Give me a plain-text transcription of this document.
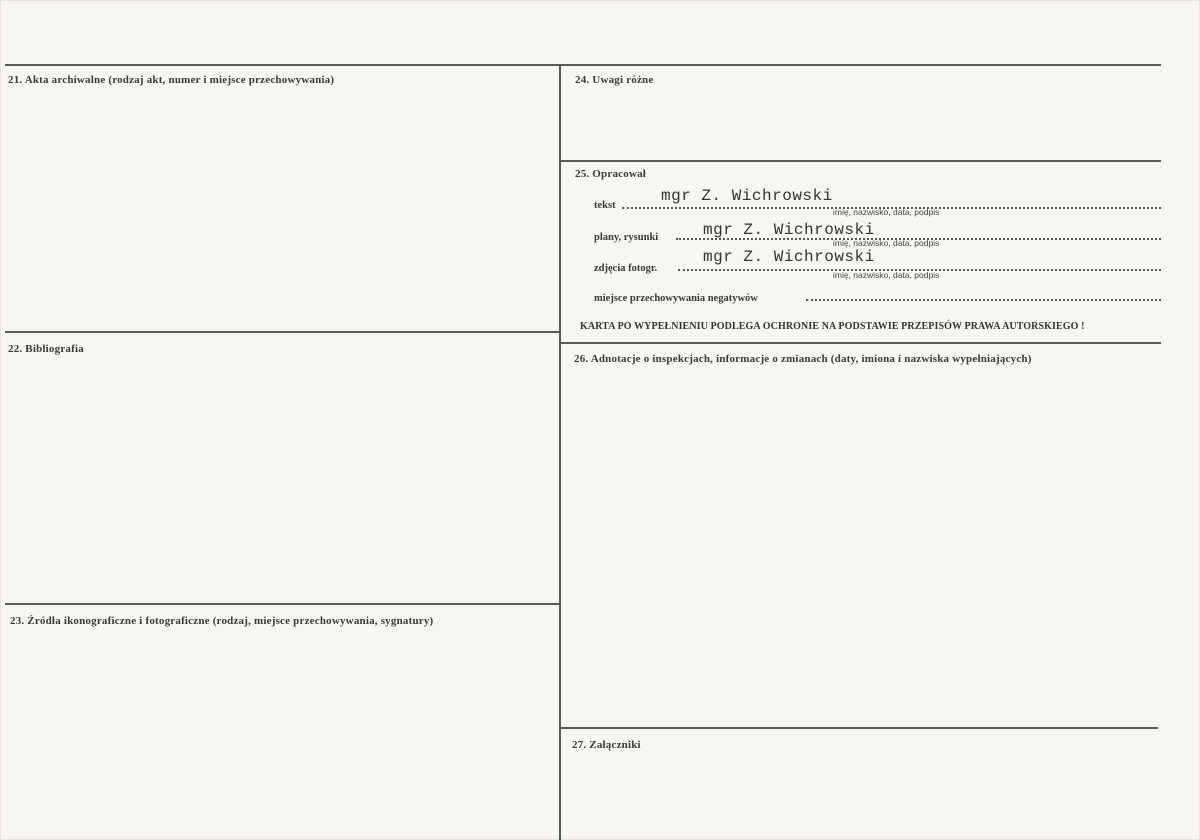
21. Akta archiwalne (rodzaj akt, numer i miejsce przechowywania)
22. Bibliografia
23. Źródła ikonograficzne i fotograficzne (rodzaj, miejsce przechowywania, sygnatury)
24. Uwagi różne
25. Opracował
26. Adnotacje o inspekcjach, informacje o zmianach (daty, imiona i nazwiska wypełniających)
27. Załączniki
tekst
mgr Z. Wichrowski
imię, nazwisko, data, podpis
plany, rysunki	mgr Z. Wichrowski
imię, nazwisko, data, podpis
zdjęcia fotogr.
mgr Z. Wichrowski
imię, nazwisko, data, podpis
miejsce przechowywania negatywów
KARTA PO WYPEŁNIENIU PODLEGA OCHRONIE NA PODSTAWIE PRZEPISÓW PRAWA AUTORSKIEGO !
